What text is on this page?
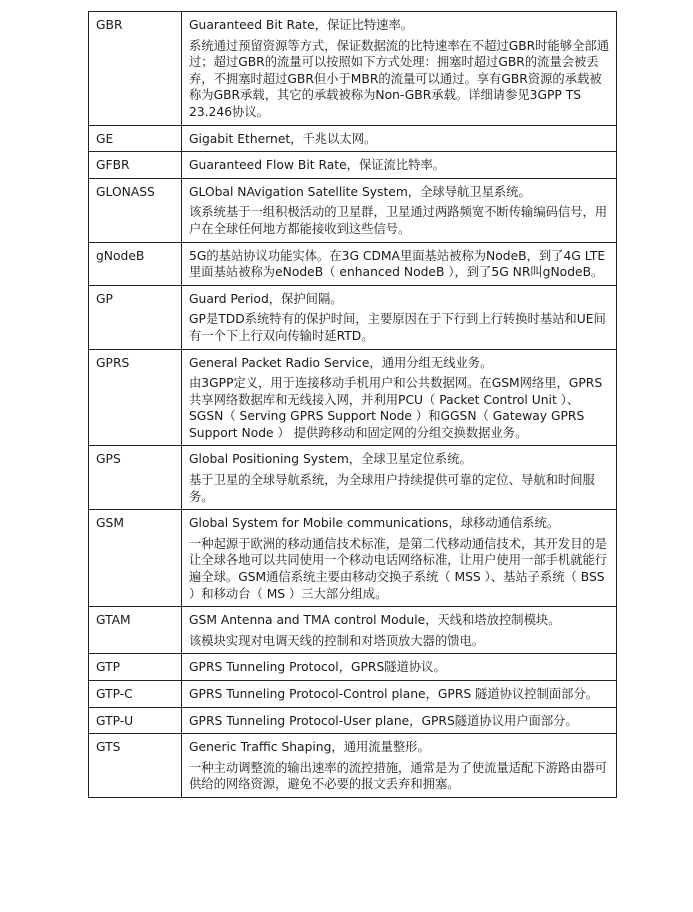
GBR	Guaranteed Bit Rate，保证比特速率。

系统通过预留资源等方式，保证数据流的比特速率在不超过GBR时能够全部通过；超过GBR的流量可以按照如下方式处理：拥塞时超过GBR的流量会被丢弃，不拥塞时超过GBR但小于MBR的流量可以通过。享有GBR资源的承载被称为GBR承载，其它的承载被称为Non-GBR承载。详细请参见3GPP TS 23.246协议。

GE	Gigabit Ethernet，千兆以太网。

GFBR	Guaranteed Flow Bit Rate，保证流比特率。

GLONASS	GLObal NAvigation Satellite System，全球导航卫星系统。

该系统基于一组积极活动的卫星群，卫星通过两路频宽不断传输编码信号，用户在全球任何地方都能接收到这些信号。

gNodeB	5G的基站协议功能实体。在3G CDMA里面基站被称为NodeB，到了4G LTE里面基站被称为eNodeB（ enhanced NodeB ），到了5G NR叫gNodeB。

GP	Guard Period，保护间隔。

GP是TDD系统特有的保护时间，主要原因在于下行到上行转换时基站和UE间有一个下上行双向传输时延RTD。

GPRS	General Packet Radio Service，通用分组无线业务。

由3GPP定义，用于连接移动手机用户和公共数据网。在GSM网络里，GPRS共享网络数据库和无线接入网，并利用PCU（ Packet Control Unit ）、SGSN（ Serving GPRS Support Node ）和GGSN（ Gateway GPRS Support Node ） 提供跨移动和固定网的分组交换数据业务。

GPS	Global Positioning System，全球卫星定位系统。

基于卫星的全球导航系统，为全球用户持续提供可靠的定位、导航和时间服务。

GSM	Global System for Mobile communications，球移动通信系统。

一种起源于欧洲的移动通信技术标准，是第二代移动通信技术，其开发目的是让全球各地可以共同使用一个移动电话网络标准，让用户使用一部手机就能行遍全球。GSM通信系统主要由移动交换子系统（ MSS ）、基站子系统（ BSS ）和移动台（ MS ）三大部分组成。

GTAM	GSM Antenna and TMA control Module，天线和塔放控制模块。

该模块实现对电调天线的控制和对塔顶放大器的馈电。

GTP	GPRS Tunneling Protocol，GPRS隧道协议。

GTP-C	GPRS Tunneling Protocol-Control plane，GPRS 隧道协议控制面部分。

GTP-U	GPRS Tunneling Protocol-User plane，GPRS隧道协议用户面部分。

GTS	Generic Traffic Shaping，通用流量整形。

一种主动调整流的输出速率的流控措施，通常是为了使流量适配下游路由器可供给的网络资源，避免不必要的报文丢弃和拥塞。
